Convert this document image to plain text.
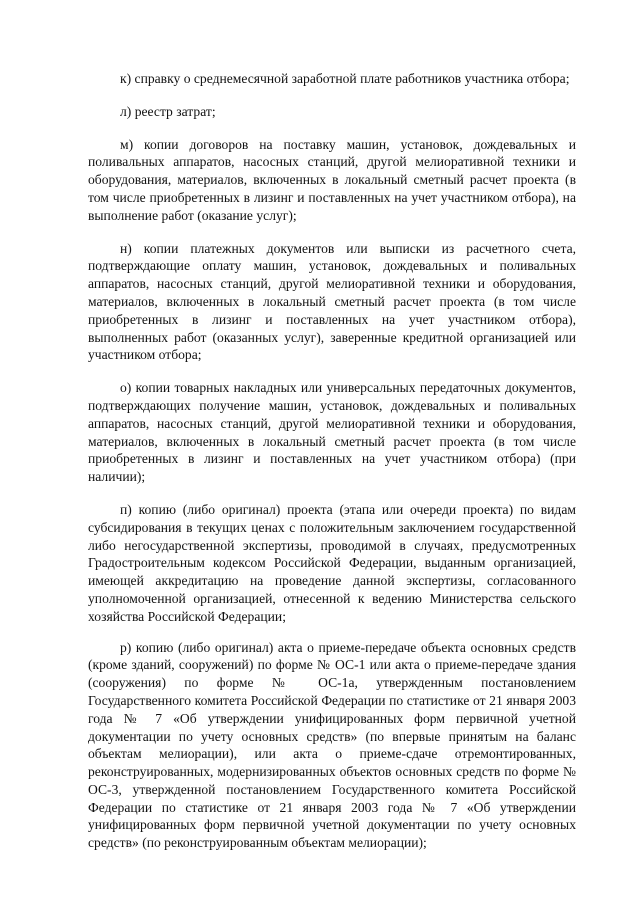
к) справку о среднемесячной заработной плате работников участника отбора;

л) реестр затрат;

м) копии договоров на поставку машин, установок, дождевальных и поливальных аппаратов, насосных станций, другой мелиоративной техники и оборудования, материалов, включенных в локальный сметный расчет проекта (в том числе приобретенных в лизинг и поставленных на учет участником отбора), на выполнение работ (оказание услуг);

н) копии платежных документов или выписки из расчетного счета, подтверждающие оплату машин, установок, дождевальных и поливальных аппаратов, насосных станций, другой мелиоративной техники и оборудования, материалов, включенных в локальный сметный расчет проекта (в том числе приобретенных в лизинг и поставленных на учет участником отбора), выполненных работ (оказанных услуг), заверенные кредитной организацией или участником отбора;

о) копии товарных накладных или универсальных передаточных документов, подтверждающих получение машин, установок, дождевальных и поливальных аппаратов, насосных станций, другой мелиоративной техники и оборудования, материалов, включенных в локальный сметный расчет проекта (в том числе приобретенных в лизинг и поставленных на учет участником отбора) (при наличии);

п) копию (либо оригинал) проекта (этапа или очереди проекта) по видам субсидирования в текущих ценах с положительным заключением государственной либо негосударственной экспертизы, проводимой в случаях, предусмотренных Градостроительным кодексом Российской Федерации, выданным организацией, имеющей аккредитацию на проведение данной экспертизы, согласованного уполномоченной организацией, отнесенной к ведению Министерства сельского хозяйства Российской Федерации;

р) копию (либо оригинал) акта о приеме-передаче объекта основных средств (кроме зданий, сооружений) по форме № ОС-1 или акта о приеме-передаче здания (сооружения) по форме № ОС-1а, утвержденным постановлением Государственного комитета Российской Федерации по статистике от 21 января 2003 года № 7 «Об утверждении унифицированных форм первичной учетной документации по учету основных средств» (по впервые принятым на баланс объектам мелиорации), или акта о приеме-сдаче отремонтированных, реконструированных, модернизированных объектов основных средств по форме № ОС-3, утвержденной постановлением Государственного комитета Российской Федерации по статистике от 21 января 2003 года № 7 «Об утверждении унифицированных форм первичной учетной документации по учету основных средств» (по реконструированным объектам мелиорации);
